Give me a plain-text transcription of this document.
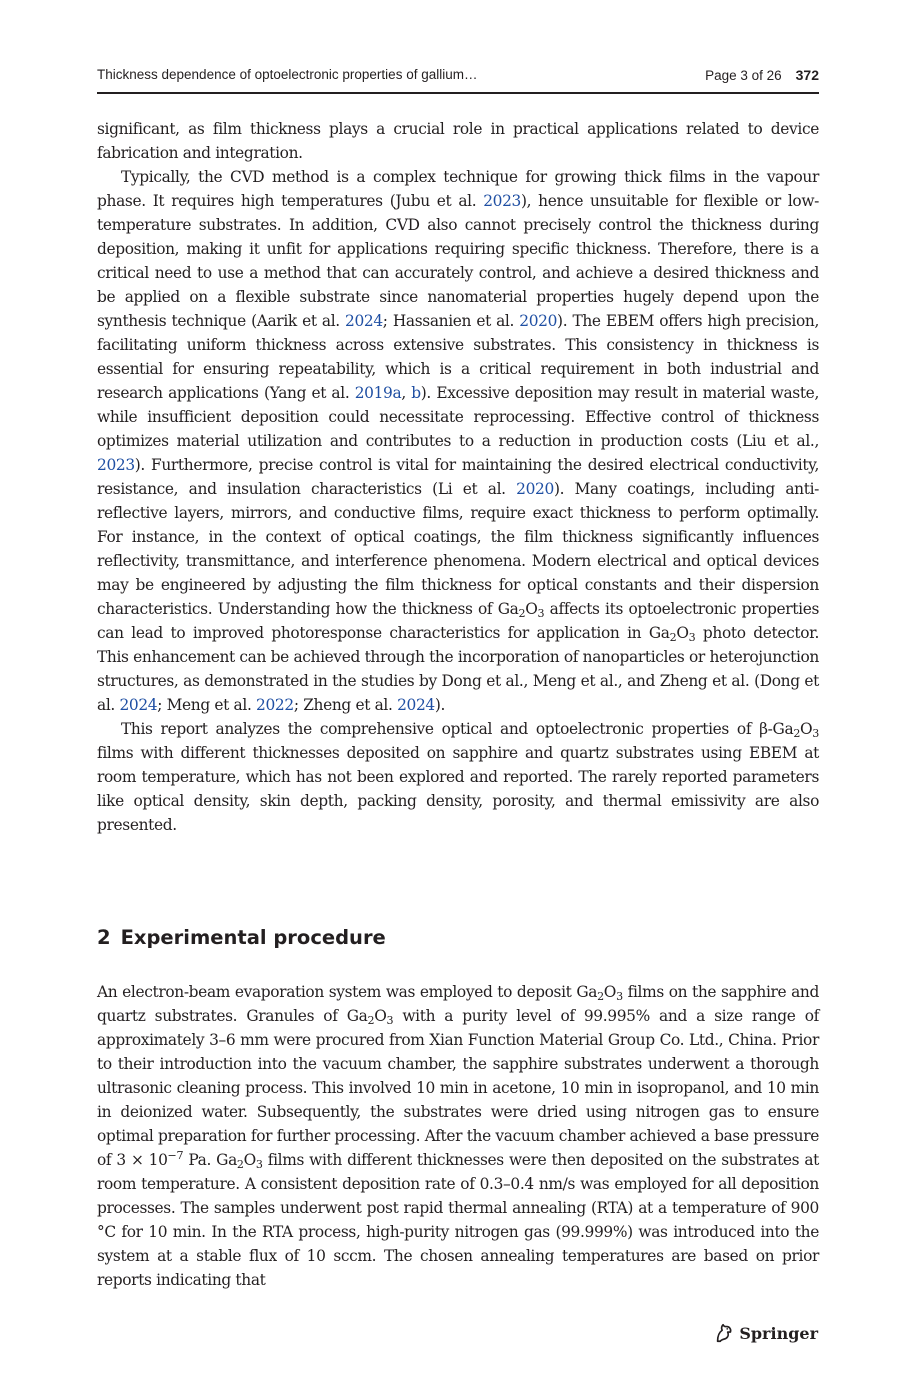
Thickness dependence of optoelectronic properties of gallium…	Page 3 of 26 372

significant, as film thickness plays a crucial role in practical applications related to device fabrication and integration.

Typically, the CVD method is a complex technique for growing thick films in the vapour phase. It requires high temperatures (Jubu et al. 2023), hence unsuitable for flexible or low-temperature substrates. In addition, CVD also cannot precisely control the thickness during deposition, making it unfit for applications requiring specific thickness. Therefore, there is a critical need to use a method that can accurately control, and achieve a desired thickness and be applied on a flexible substrate since nanomaterial properties hugely depend upon the synthesis technique (Aarik et al. 2024; Hassanien et al. 2020). The EBEM offers high precision, facilitating uniform thickness across extensive substrates. This consistency in thickness is essential for ensuring repeatability, which is a critical requirement in both industrial and research applications (Yang et al. 2019a, b). Excessive deposition may result in material waste, while insufficient deposition could necessitate reprocessing. Effective control of thickness optimizes material utilization and contributes to a reduction in production costs (Liu et al., 2023). Furthermore, precise control is vital for maintaining the desired electrical conductivity, resistance, and insulation characteristics (Li et al. 2020). Many coatings, including anti-reflective layers, mirrors, and conductive films, require exact thickness to perform optimally. For instance, in the context of optical coatings, the film thickness significantly influences reflectivity, transmittance, and interference phenomena. Modern electrical and optical devices may be engineered by adjusting the film thickness for optical constants and their dispersion characteristics. Understanding how the thickness of $Ga_2O_3$ affects its optoelectronic properties can lead to improved photoresponse characteristics for application in $Ga_2O_3$ photo detector. This enhancement can be achieved through the incorporation of nanoparticles or heterojunction structures, as demonstrated in the studies by Dong et al., Meng et al., and Zheng et al. (Dong et al. 2024; Meng et al. 2022; Zheng et al. 2024).

This report analyzes the comprehensive optical and optoelectronic properties of $\beta-Ga_2O_3$ films with different thicknesses deposited on sapphire and quartz substrates using EBEM at room temperature, which has not been explored and reported. The rarely reported parameters like optical density, skin depth, packing density, porosity, and thermal emissivity are also presented.

2 Experimental procedure

An electron-beam evaporation system was employed to deposit $Ga_2O_3$ films on the sapphire and quartz substrates. Granules of $Ga_2O_3$ with a purity level of 99.995% and a size range of approximately 3–6 mm were procured from Xian Function Material Group Co. Ltd., China. Prior to their introduction into the vacuum chamber, the sapphire substrates underwent a thorough ultrasonic cleaning process. This involved 10 min in acetone, 10 min in isopropanol, and 10 min in deionized water. Subsequently, the substrates were dried using nitrogen gas to ensure optimal preparation for further processing. After the vacuum chamber achieved a base pressure of $3 \times 10^{-7}$ Pa. $Ga_2O_3$ films with different thicknesses were then deposited on the substrates at room temperature. A consistent deposition rate of 0.3–0.4 nm/s was employed for all deposition processes. The samples underwent post rapid thermal annealing (RTA) at a temperature of 900 °C for 10 min. In the RTA process, high-purity nitrogen gas (99.999%) was introduced into the system at a stable flux of 10 sccm. The chosen annealing temperatures are based on prior reports indicating that

Springer
